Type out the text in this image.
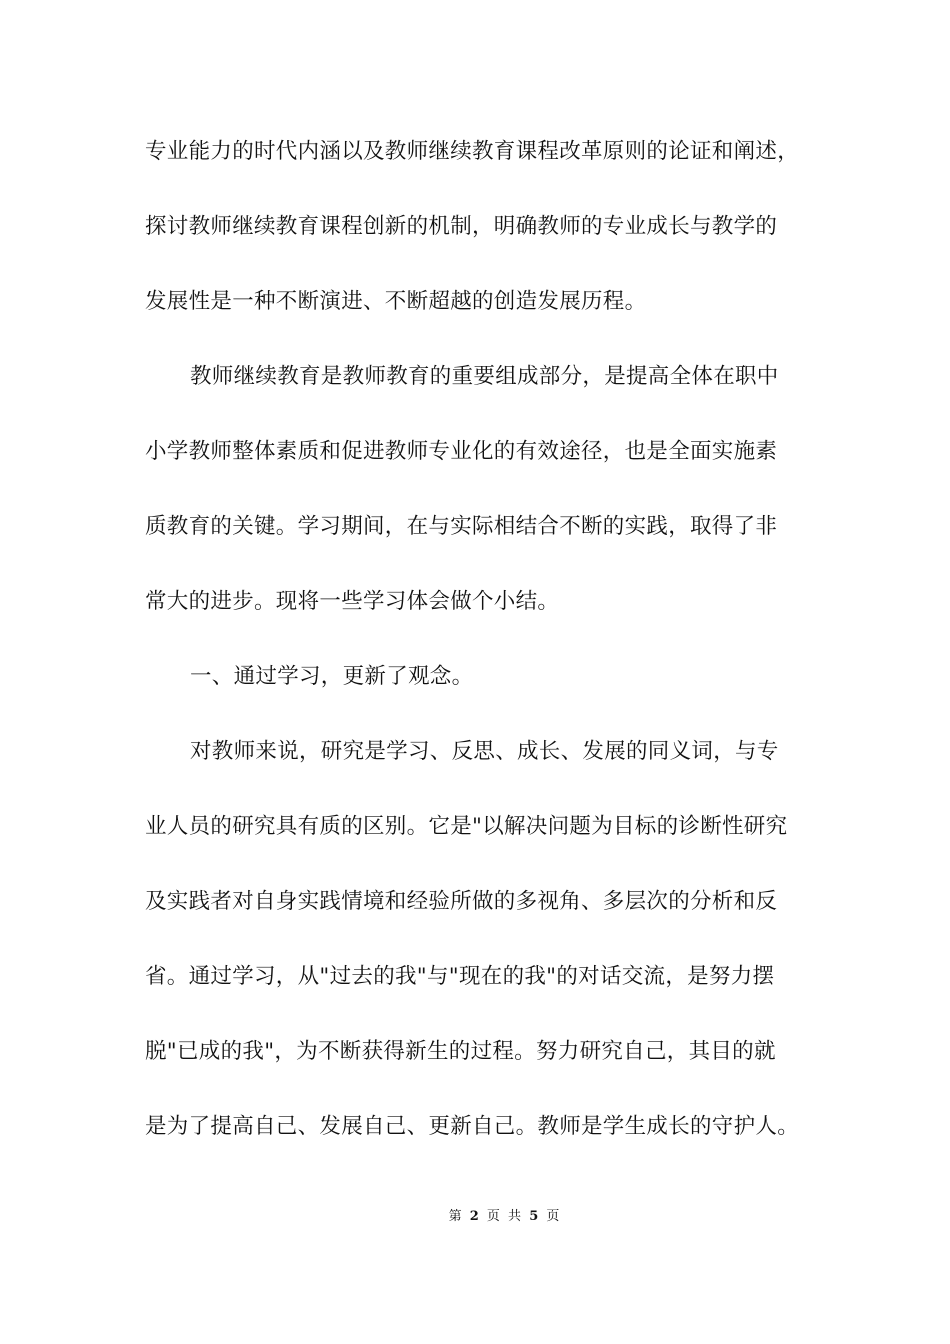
专业能力的时代内涵以及教师继续教育课程改革原则的论证和阐述，
探讨教师继续教育课程创新的机制，明确教师的专业成长与教学的
发展性是一种不断演进、不断超越的创造发展历程。
教师继续教育是教师教育的重要组成部分，是提高全体在职中
小学教师整体素质和促进教师专业化的有效途径，也是全面实施素
质教育的关键。学习期间，在与实际相结合不断的实践，取得了非
常大的进步。现将一些学习体会做个小结。
一、通过学习，更新了观念。
对教师来说，研究是学习、反思、成长、发展的同义词，与专
业人员的研究具有质的区别。它是"以解决问题为目标的诊断性研究
及实践者对自身实践情境和经验所做的多视角、多层次的分析和反
省。通过学习，从"过去的我"与"现在的我"的对话交流，是努力摆
脱"已成的我"，为不断获得新生的过程。努力研究自己，其目的就
是为了提高自己、发展自己、更新自己。教师是学生成长的守护人。
第 2 页 共 5 页
